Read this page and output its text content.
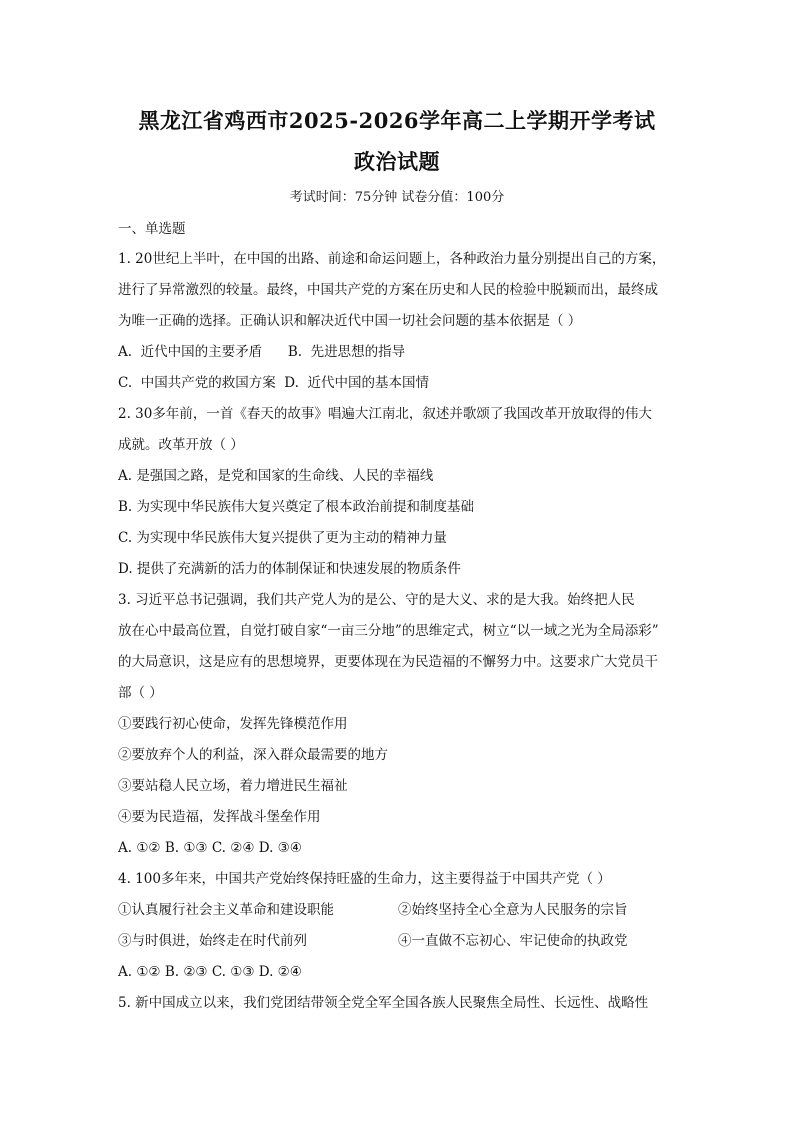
黑龙江省鸡西市2025-2026学年高二上学期开学考试
政治试题
考试时间：75分钟 试卷分值：100分
一、单选题

1. 20世纪上半叶，在中国的出路、前途和命运问题上，各种政治力量分别提出自己的方案，

进行了异常激烈的较量。最终，中国共产党的方案在历史和人民的检验中脱颖而出，最终成

为唯一正确的选择。正确认识和解决近代中国一切社会问题的基本依据是（ ）

A.  近代中国的主要矛盾      B.  先进思想的指导

C.  中国共产党的救国方案  D.  近代中国的基本国情

2. 30多年前，一首《春天的故事》唱遍大江南北，叙述并歌颂了我国改革开放取得的伟大

成就。改革开放（ ）

A. 是强国之路，是党和国家的生命线、人民的幸福线

B. 为实现中华民族伟大复兴奠定了根本政治前提和制度基础

C. 为实现中华民族伟大复兴提供了更为主动的精神力量

D. 提供了充满新的活力的体制保证和快速发展的物质条件

3. 习近平总书记强调，我们共产党人为的是公、守的是大义、求的是大我。始终把人民

放在心中最高位置，自觉打破自家“一亩三分地”的思维定式，树立“以一域之光为全局添彩”

的大局意识，这是应有的思想境界，更要体现在为民造福的不懈努力中。这要求广大党员干

部（ ）

①要践行初心使命，发挥先锋模范作用

②要放弃个人的利益，深入群众最需要的地方

③要站稳人民立场，着力增进民生福祉

④要为民造福，发挥战斗堡垒作用

A. ①② B. ①③ C. ②④ D. ③④

4. 100多年来，中国共产党始终保持旺盛的生命力，这主要得益于中国共产党（ ）

①认真履行社会主义革命和建设职能	②始终坚持全心全意为人民服务的宗旨
③与时俱进，始终走在时代前列	④一直做不忘初心、牢记使命的执政党

A. ①② B. ②③ C. ①③ D. ②④

5. 新中国成立以来，我们党团结带领全党全军全国各族人民聚焦全局性、长远性、战略性
